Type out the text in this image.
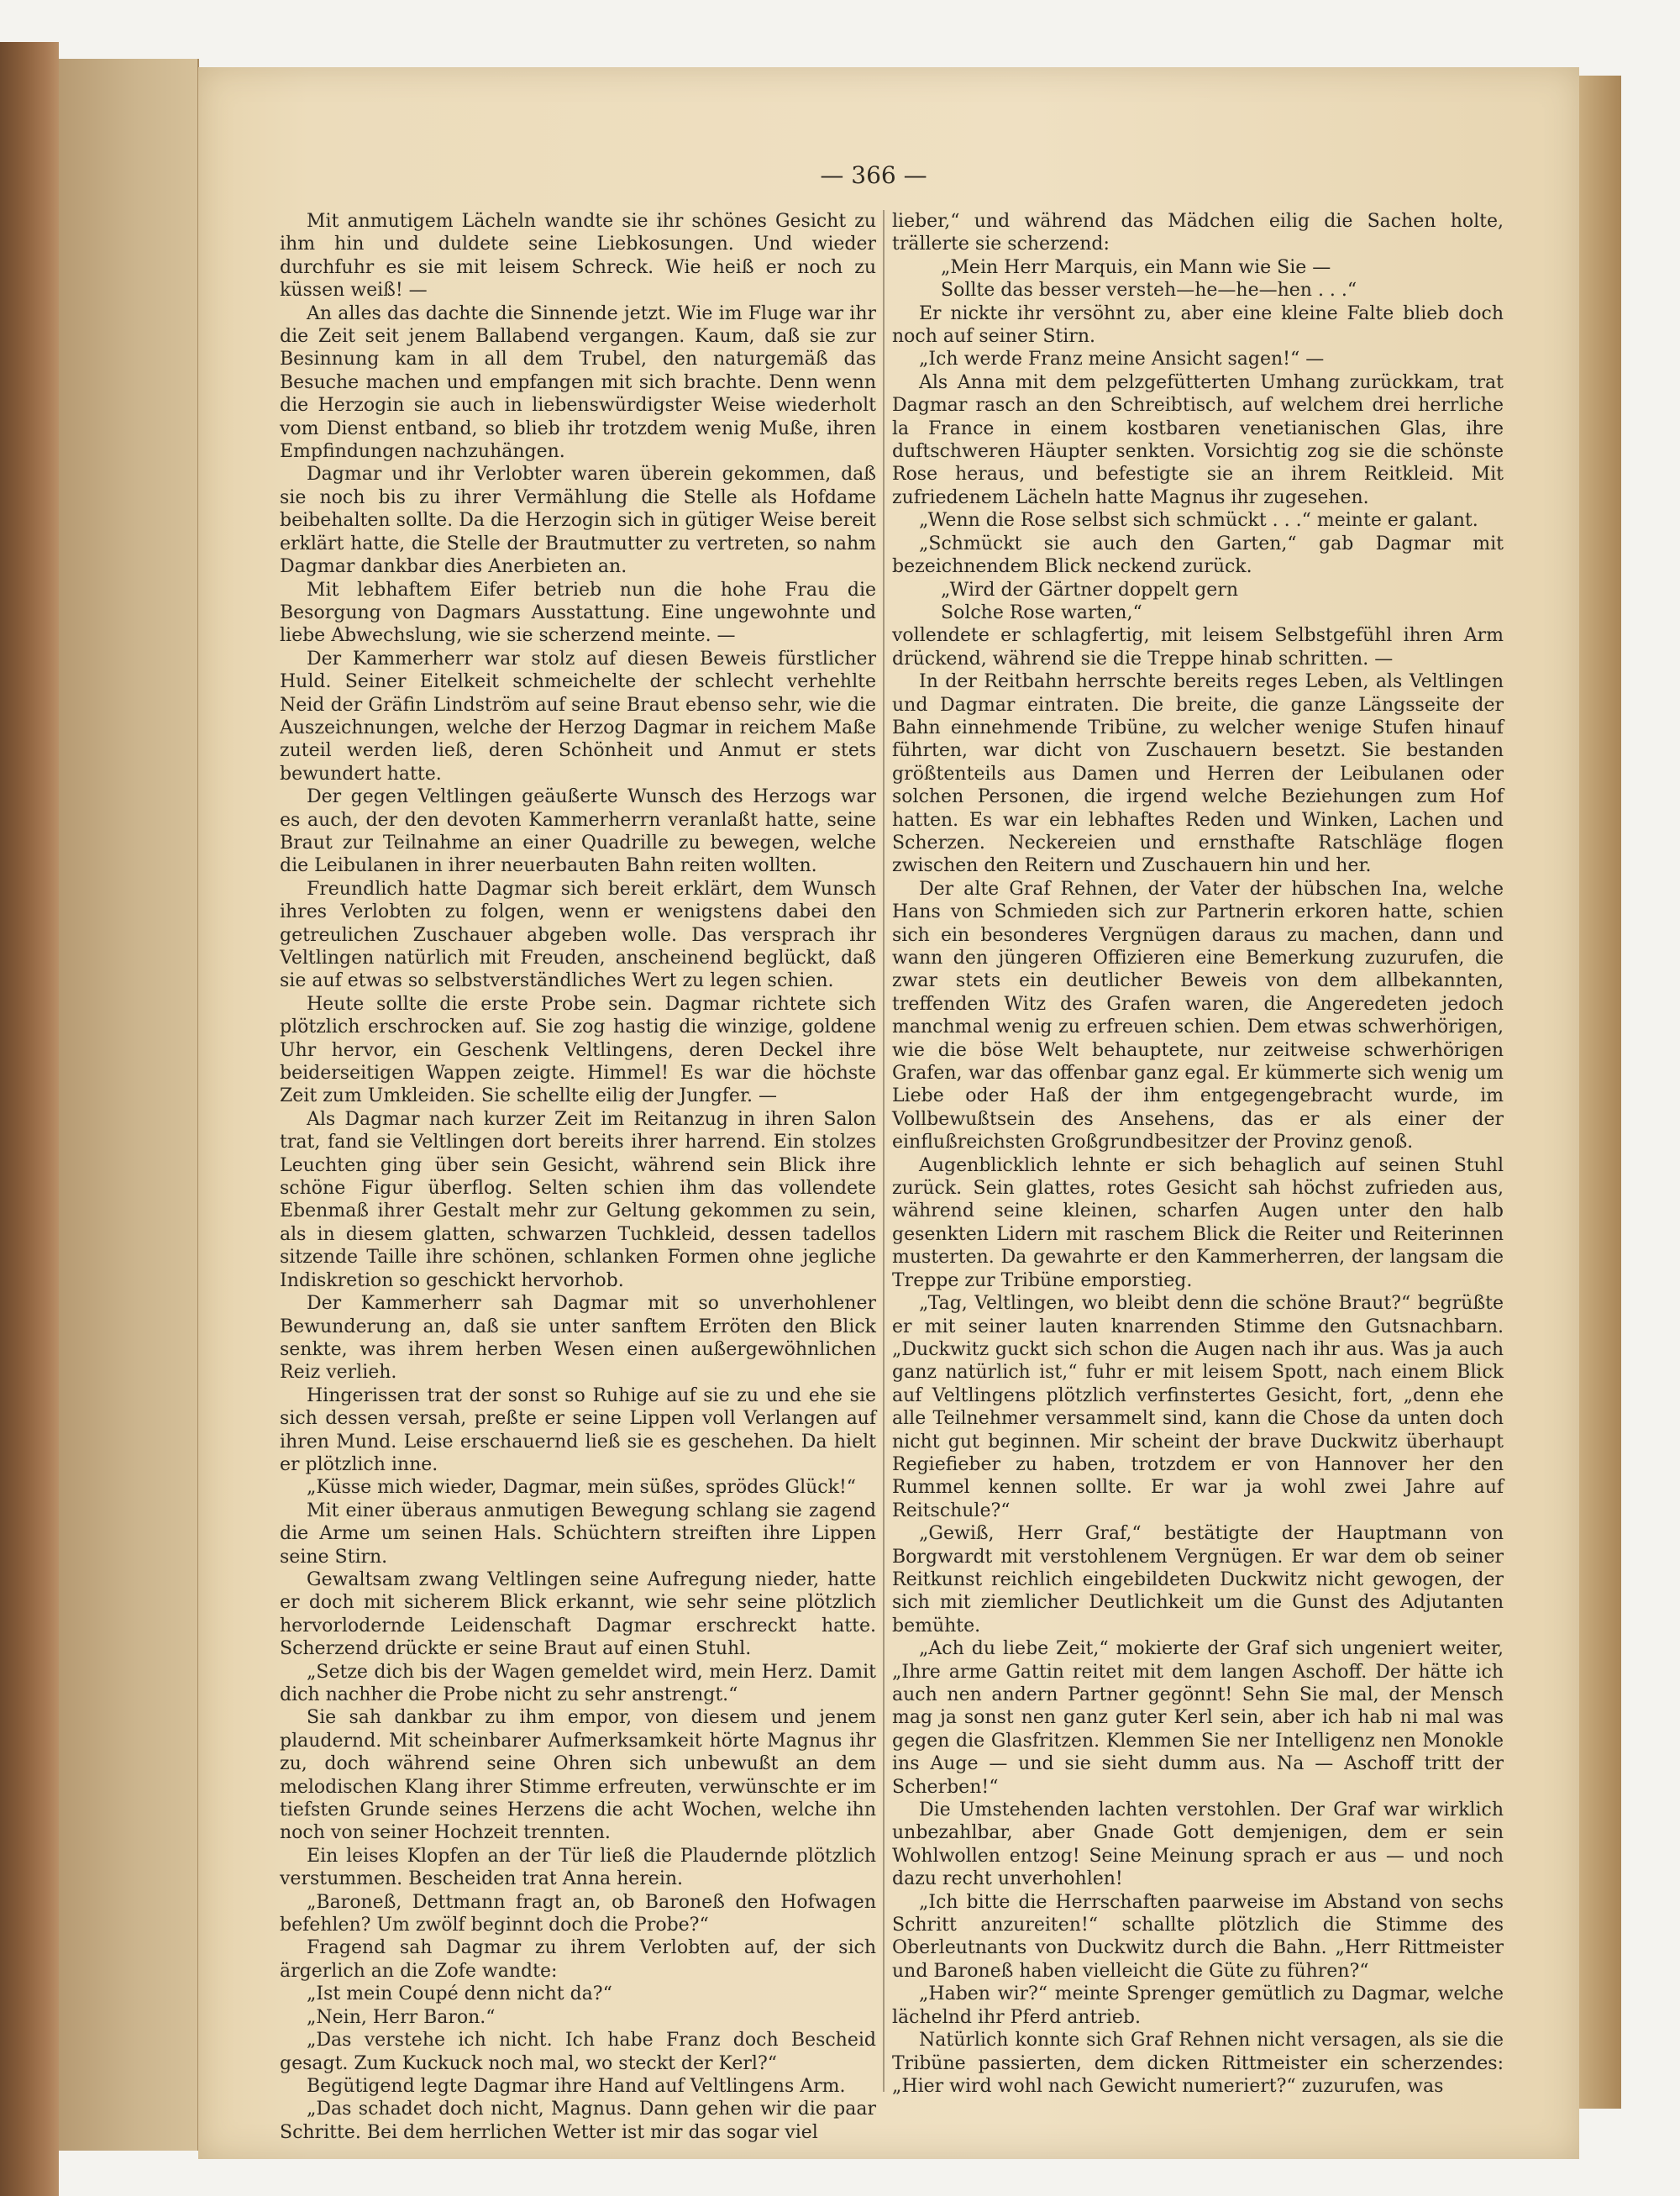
— 366 —

Mit anmutigem Lächeln wandte sie ihr schönes Gesicht zu ihm hin und duldete seine Liebkosungen. Und wieder durchfuhr es sie mit leisem Schreck. Wie heiß er noch zu küssen weiß! —

An alles das dachte die Sinnende jetzt. Wie im Fluge war ihr die Zeit seit jenem Ballabend vergangen. Kaum, daß sie zur Besinnung kam in all dem Trubel, den naturgemäß das Besuche machen und empfangen mit sich brachte. Denn wenn die Herzogin sie auch in liebenswürdigster Weise wiederholt vom Dienst entband, so blieb ihr trotzdem wenig Muße, ihren Empfindungen nachzuhängen.

Dagmar und ihr Verlobter waren überein gekommen, daß sie noch bis zu ihrer Vermählung die Stelle als Hofdame beibehalten sollte. Da die Herzogin sich in gütiger Weise bereit erklärt hatte, die Stelle der Brautmutter zu vertreten, so nahm Dagmar dankbar dies Anerbieten an.

Mit lebhaftem Eifer betrieb nun die hohe Frau die Besorgung von Dagmars Ausstattung. Eine ungewohnte und liebe Abwechslung, wie sie scherzend meinte. —

Der Kammerherr war stolz auf diesen Beweis fürstlicher Huld. Seiner Eitelkeit schmeichelte der schlecht verhehlte Neid der Gräfin Lindström auf seine Braut ebenso sehr, wie die Auszeichnungen, welche der Herzog Dagmar in reichem Maße zuteil werden ließ, deren Schönheit und Anmut er stets bewundert hatte.

Der gegen Veltlingen geäußerte Wunsch des Herzogs war es auch, der den devoten Kammerherrn veranlaßt hatte, seine Braut zur Teilnahme an einer Quadrille zu bewegen, welche die Leibulanen in ihrer neuerbauten Bahn reiten wollten.

Freundlich hatte Dagmar sich bereit erklärt, dem Wunsch ihres Verlobten zu folgen, wenn er wenigstens dabei den getreulichen Zuschauer abgeben wolle. Das versprach ihr Veltlingen natürlich mit Freuden, anscheinend beglückt, daß sie auf etwas so selbstverständliches Wert zu legen schien.

Heute sollte die erste Probe sein. Dagmar richtete sich plötzlich erschrocken auf. Sie zog hastig die winzige, goldene Uhr hervor, ein Geschenk Veltlingens, deren Deckel ihre beiderseitigen Wappen zeigte. Himmel! Es war die höchste Zeit zum Umkleiden. Sie schellte eilig der Jungfer. —

Als Dagmar nach kurzer Zeit im Reitanzug in ihren Salon trat, fand sie Veltlingen dort bereits ihrer harrend. Ein stolzes Leuchten ging über sein Gesicht, während sein Blick ihre schöne Figur überflog. Selten schien ihm das vollendete Ebenmaß ihrer Gestalt mehr zur Geltung gekommen zu sein, als in diesem glatten, schwarzen Tuchkleid, dessen tadellos sitzende Taille ihre schönen, schlanken Formen ohne jegliche Indiskretion so geschickt hervorhob.

Der Kammerherr sah Dagmar mit so unverhohlener Bewunderung an, daß sie unter sanftem Erröten den Blick senkte, was ihrem herben Wesen einen außergewöhnlichen Reiz verlieh.

Hingerissen trat der sonst so Ruhige auf sie zu und ehe sie sich dessen versah, preßte er seine Lippen voll Verlangen auf ihren Mund. Leise erschauernd ließ sie es geschehen. Da hielt er plötzlich inne.

„Küsse mich wieder, Dagmar, mein süßes, sprödes Glück!“

Mit einer überaus anmutigen Bewegung schlang sie zagend die Arme um seinen Hals. Schüchtern streiften ihre Lippen seine Stirn.

Gewaltsam zwang Veltlingen seine Aufregung nieder, hatte er doch mit sicherem Blick erkannt, wie sehr seine plötzlich hervorlodernde Leidenschaft Dagmar erschreckt hatte. Scherzend drückte er seine Braut auf einen Stuhl.

„Setze dich bis der Wagen gemeldet wird, mein Herz. Damit dich nachher die Probe nicht zu sehr anstrengt.“

Sie sah dankbar zu ihm empor, von diesem und jenem plaudernd. Mit scheinbarer Aufmerksamkeit hörte Magnus ihr zu, doch während seine Ohren sich unbewußt an dem melodischen Klang ihrer Stimme erfreuten, verwünschte er im tiefsten Grunde seines Herzens die acht Wochen, welche ihn noch von seiner Hochzeit trennten.

Ein leises Klopfen an der Tür ließ die Plaudernde plötzlich verstummen. Bescheiden trat Anna herein.

„Baroneß, Dettmann fragt an, ob Baroneß den Hofwagen befehlen? Um zwölf beginnt doch die Probe?“

Fragend sah Dagmar zu ihrem Verlobten auf, der sich ärgerlich an die Zofe wandte:

„Ist mein Coupé denn nicht da?“

„Nein, Herr Baron.“

„Das verstehe ich nicht. Ich habe Franz doch Bescheid gesagt. Zum Kuckuck noch mal, wo steckt der Kerl?“

Begütigend legte Dagmar ihre Hand auf Veltlingens Arm.

„Das schadet doch nicht, Magnus. Dann gehen wir die paar Schritte. Bei dem herrlichen Wetter ist mir das sogar viel

lieber,“ und während das Mädchen eilig die Sachen holte, trällerte sie scherzend:

„Mein Herr Marquis, ein Mann wie Sie —

Sollte das besser versteh—he—he—hen . . .“

Er nickte ihr versöhnt zu, aber eine kleine Falte blieb doch noch auf seiner Stirn.

„Ich werde Franz meine Ansicht sagen!“ —

Als Anna mit dem pelzgefütterten Umhang zurückkam, trat Dagmar rasch an den Schreibtisch, auf welchem drei herrliche la France in einem kostbaren venetianischen Glas, ihre duftschweren Häupter senkten. Vorsichtig zog sie die schönste Rose heraus, und befestigte sie an ihrem Reitkleid. Mit zufriedenem Lächeln hatte Magnus ihr zugesehen.

„Wenn die Rose selbst sich schmückt . . .“ meinte er galant.

„Schmückt sie auch den Garten,“ gab Dagmar mit bezeichnendem Blick neckend zurück.

„Wird der Gärtner doppelt gern

Solche Rose warten,“

vollendete er schlagfertig, mit leisem Selbstgefühl ihren Arm drückend, während sie die Treppe hinab schritten. —

In der Reitbahn herrschte bereits reges Leben, als Veltlingen und Dagmar eintraten. Die breite, die ganze Längsseite der Bahn einnehmende Tribüne, zu welcher wenige Stufen hinauf führten, war dicht von Zuschauern besetzt. Sie bestanden größtenteils aus Damen und Herren der Leibulanen oder solchen Personen, die irgend welche Beziehungen zum Hof hatten. Es war ein lebhaftes Reden und Winken, Lachen und Scherzen. Neckereien und ernsthafte Ratschläge flogen zwischen den Reitern und Zuschauern hin und her.

Der alte Graf Rehnen, der Vater der hübschen Ina, welche Hans von Schmieden sich zur Partnerin erkoren hatte, schien sich ein besonderes Vergnügen daraus zu machen, dann und wann den jüngeren Offizieren eine Bemerkung zuzurufen, die zwar stets ein deutlicher Beweis von dem allbekannten, treffenden Witz des Grafen waren, die Angeredeten jedoch manchmal wenig zu erfreuen schien. Dem etwas schwerhörigen, wie die böse Welt behauptete, nur zeitweise schwerhörigen Grafen, war das offenbar ganz egal. Er kümmerte sich wenig um Liebe oder Haß der ihm entgegengebracht wurde, im Vollbewußtsein des Ansehens, das er als einer der einflußreichsten Großgrundbesitzer der Provinz genoß.

Augenblicklich lehnte er sich behaglich auf seinen Stuhl zurück. Sein glattes, rotes Gesicht sah höchst zufrieden aus, während seine kleinen, scharfen Augen unter den halb gesenkten Lidern mit raschem Blick die Reiter und Reiterinnen musterten. Da gewahrte er den Kammerherren, der langsam die Treppe zur Tribüne emporstieg.

„Tag, Veltlingen, wo bleibt denn die schöne Braut?“ begrüßte er mit seiner lauten knarrenden Stimme den Gutsnachbarn. „Duckwitz guckt sich schon die Augen nach ihr aus. Was ja auch ganz natürlich ist,“ fuhr er mit leisem Spott, nach einem Blick auf Veltlingens plötzlich verfinstertes Gesicht, fort, „denn ehe alle Teilnehmer versammelt sind, kann die Chose da unten doch nicht gut beginnen. Mir scheint der brave Duckwitz überhaupt Regiefieber zu haben, trotzdem er von Hannover her den Rummel kennen sollte. Er war ja wohl zwei Jahre auf Reitschule?“

„Gewiß, Herr Graf,“ bestätigte der Hauptmann von Borgwardt mit verstohlenem Vergnügen. Er war dem ob seiner Reitkunst reichlich eingebildeten Duckwitz nicht gewogen, der sich mit ziemlicher Deutlichkeit um die Gunst des Adjutanten bemühte.

„Ach du liebe Zeit,“ mokierte der Graf sich ungeniert weiter, „Ihre arme Gattin reitet mit dem langen Aschoff. Der hätte ich auch nen andern Partner gegönnt! Sehn Sie mal, der Mensch mag ja sonst nen ganz guter Kerl sein, aber ich hab ni mal was gegen die Glasfritzen. Klemmen Sie ner Intelligenz nen Monokle ins Auge — und sie sieht dumm aus. Na — Aschoff tritt der Scherben!“

Die Umstehenden lachten verstohlen. Der Graf war wirklich unbezahlbar, aber Gnade Gott demjenigen, dem er sein Wohlwollen entzog! Seine Meinung sprach er aus — und noch dazu recht unverhohlen!

„Ich bitte die Herrschaften paarweise im Abstand von sechs Schritt anzureiten!“ schallte plötzlich die Stimme des Oberleutnants von Duckwitz durch die Bahn. „Herr Rittmeister und Baroneß haben vielleicht die Güte zu führen?“

„Haben wir?“ meinte Sprenger gemütlich zu Dagmar, welche lächelnd ihr Pferd antrieb.

Natürlich konnte sich Graf Rehnen nicht versagen, als sie die Tribüne passierten, dem dicken Rittmeister ein scherzendes: „Hier wird wohl nach Gewicht numeriert?“ zuzurufen, was
